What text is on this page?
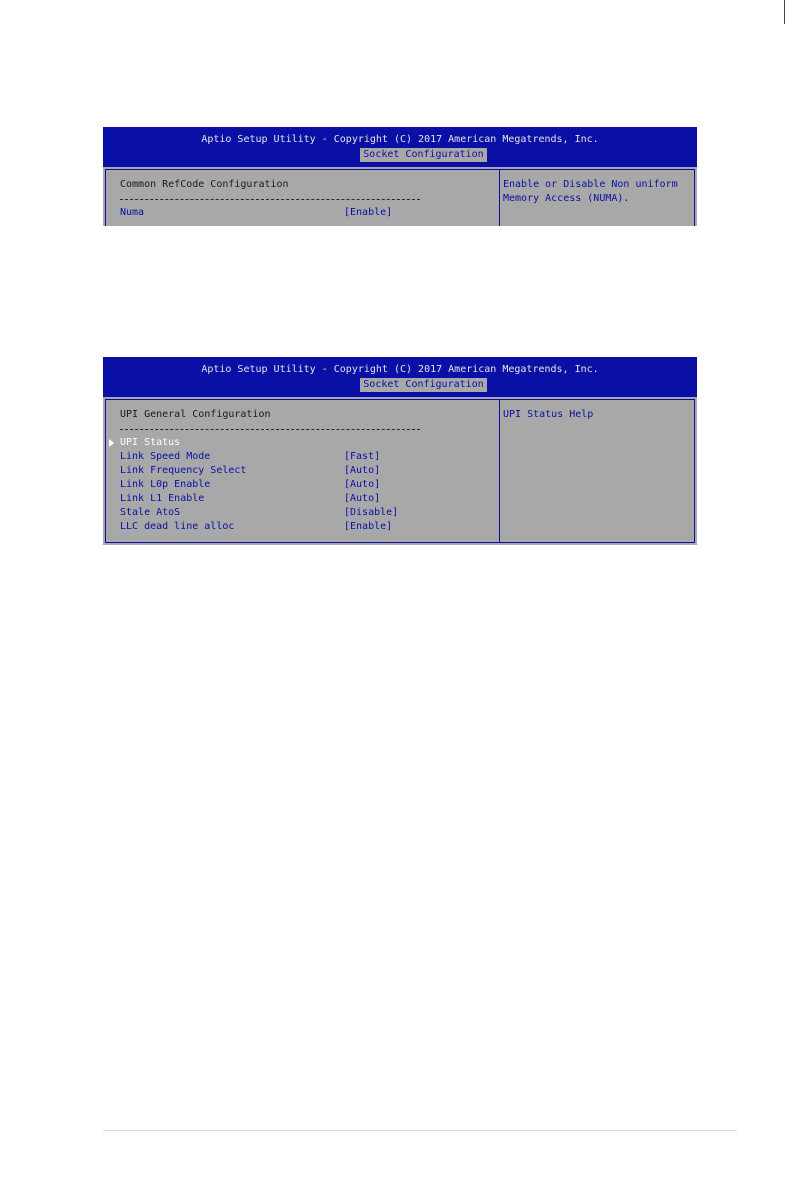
Aptio Setup Utility - Copyright (C) 2017 American Megatrends, Inc.
Socket Configuration
Common RefCode Configuration
Numa	[Enable]
Enable or Disable Non uniform
Memory Access (NUMA).
Aptio Setup Utility - Copyright (C) 2017 American Megatrends, Inc.
Socket Configuration
UPI General Configuration
UPI Status
Link Speed Mode	[Fast]
Link Frequency Select	[Auto]
Link L0p Enable	[Auto]
Link L1 Enable	[Auto]
Stale AtoS	[Disable]
LLC dead line alloc	[Enable]
UPI Status Help
